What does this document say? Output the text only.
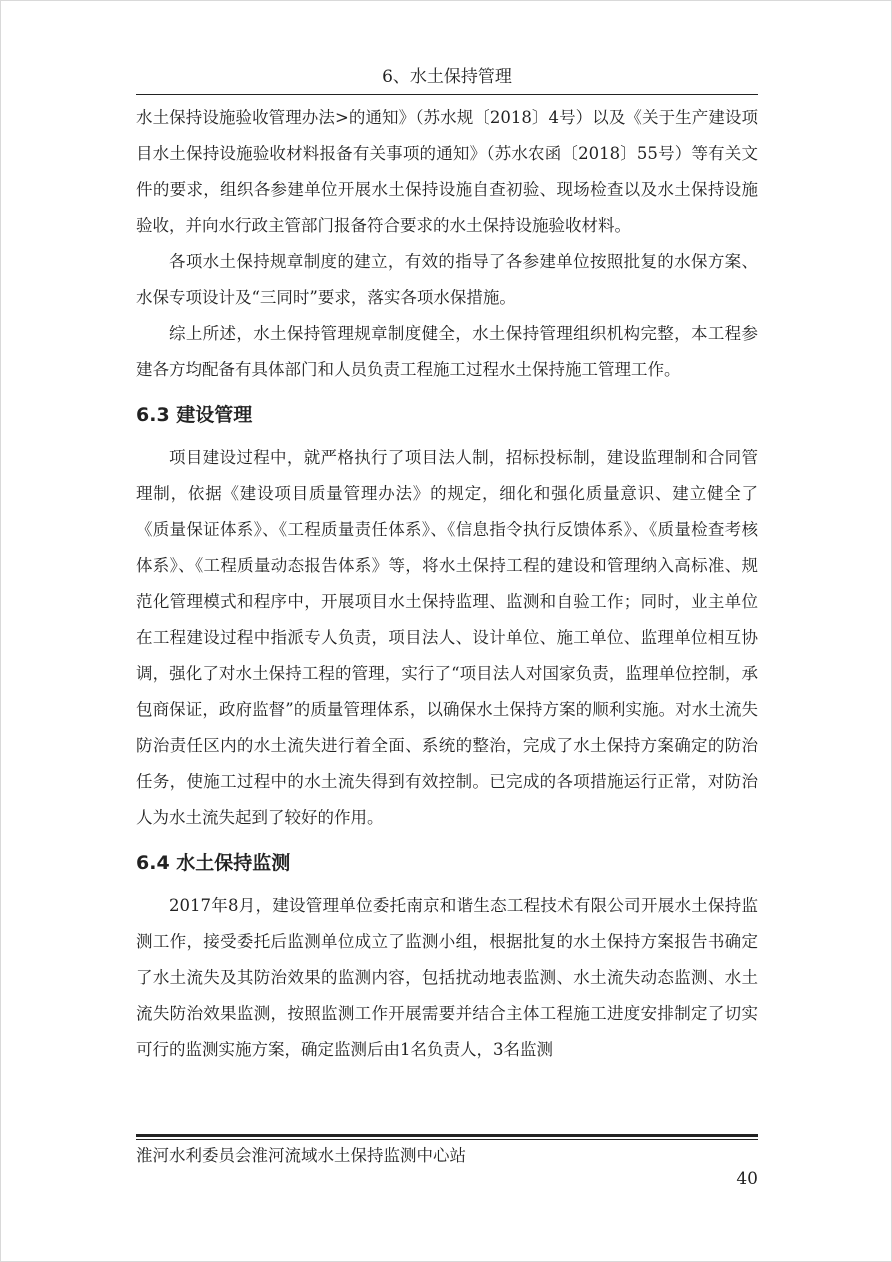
6、水土保持管理

水土保持设施验收管理办法>的通知》（苏水规〔2018〕4号）以及《关于生产建设项目水土保持设施验收材料报备有关事项的通知》（苏水农函〔2018〕55号）等有关文件的要求，组织各参建单位开展水土保持设施自查初验、现场检查以及水土保持设施验收，并向水行政主管部门报备符合要求的水土保持设施验收材料。

各项水土保持规章制度的建立，有效的指导了各参建单位按照批复的水保方案、水保专项设计及“三同时”要求，落实各项水保措施。

综上所述，水土保持管理规章制度健全，水土保持管理组织机构完整，本工程参建各方均配备有具体部门和人员负责工程施工过程水土保持施工管理工作。

6.3 建设管理

项目建设过程中，就严格执行了项目法人制，招标投标制，建设监理制和合同管理制，依据《建设项目质量管理办法》的规定，细化和强化质量意识、建立健全了《质量保证体系》、《工程质量责任体系》、《信息指令执行反馈体系》、《质量检查考核体系》、《工程质量动态报告体系》等，将水土保持工程的建设和管理纳入高标准、规范化管理模式和程序中，开展项目水土保持监理、监测和自验工作；同时，业主单位在工程建设过程中指派专人负责，项目法人、设计单位、施工单位、监理单位相互协调，强化了对水土保持工程的管理，实行了“项目法人对国家负责，监理单位控制，承包商保证，政府监督”的质量管理体系，以确保水土保持方案的顺利实施。对水土流失防治责任区内的水土流失进行着全面、系统的整治，完成了水土保持方案确定的防治任务，使施工过程中的水土流失得到有效控制。已完成的各项措施运行正常，对防治人为水土流失起到了较好的作用。

6.4 水土保持监测

2017年8月，建设管理单位委托南京和谐生态工程技术有限公司开展水土保持监测工作，接受委托后监测单位成立了监测小组，根据批复的水土保持方案报告书确定了水土流失及其防治效果的监测内容，包括扰动地表监测、水土流失动态监测、水土流失防治效果监测，按照监测工作开展需要并结合主体工程施工进度安排制定了切实可行的监测实施方案，确定监测后由1名负责人，3名监测

淮河水利委员会淮河流域水土保持监测中心站
40
